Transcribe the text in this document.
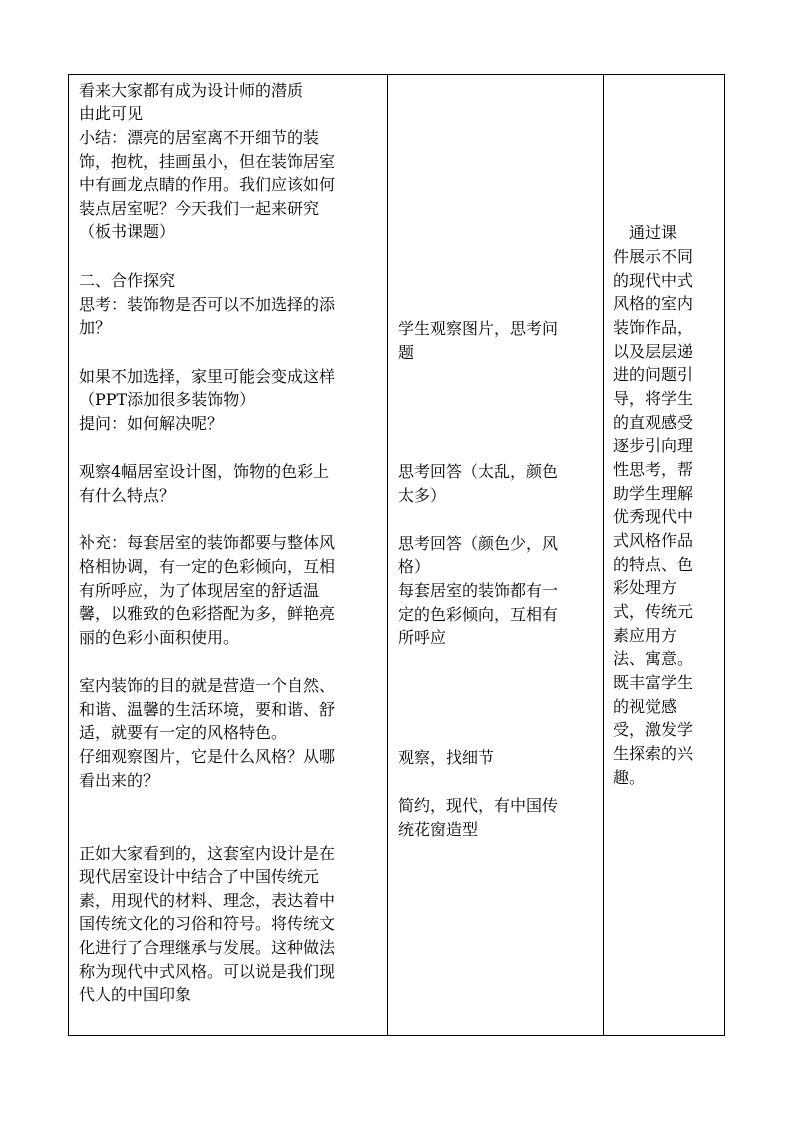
看来大家都有成为设计师的潜质
由此可见
小结：漂亮的居室离不开细节的装
饰，抱枕，挂画虽小，但在装饰居室
中有画龙点睛的作用。我们应该如何
装点居室呢？今天我们一起来研究
（板书课题）
二、合作探究
思考：装饰物是否可以不加选择的添
加？
如果不加选择，家里可能会变成这样
（PPT添加很多装饰物）
提问：如何解决呢？
观察4幅居室设计图，饰物的色彩上
有什么特点？
补充：每套居室的装饰都要与整体风
格相协调，有一定的色彩倾向，互相
有所呼应，为了体现居室的舒适温
馨，以雅致的色彩搭配为多，鲜艳亮
丽的色彩小面积使用。
室内装饰的目的就是营造一个自然、
和谐、温馨的生活环境，要和谐、舒
适，就要有一定的风格特色。
仔细观察图片，它是什么风格？从哪
看出来的？
正如大家看到的，这套室内设计是在
现代居室设计中结合了中国传统元
素，用现代的材料、理念，表达着中
国传统文化的习俗和符号。将传统文
化进行了合理继承与发展。这种做法
称为现代中式风格。可以说是我们现
代人的中国印象
学生观察图片，思考问
题
思考回答（太乱，颜色
太多）
思考回答（颜色少，风
格）
每套居室的装饰都有一
定的色彩倾向，互相有
所呼应
观察，找细节
简约，现代，有中国传
统花窗造型
　通过课
件展示不同
的现代中式
风格的室内
装饰作品，
以及层层递
进的问题引
导，将学生
的直观感受
逐步引向理
性思考，帮
助学生理解
优秀现代中
式风格作品
的特点、色
彩处理方
式，传统元
素应用方
法、寓意。
既丰富学生
的视觉感
受，激发学
生探索的兴
趣。
